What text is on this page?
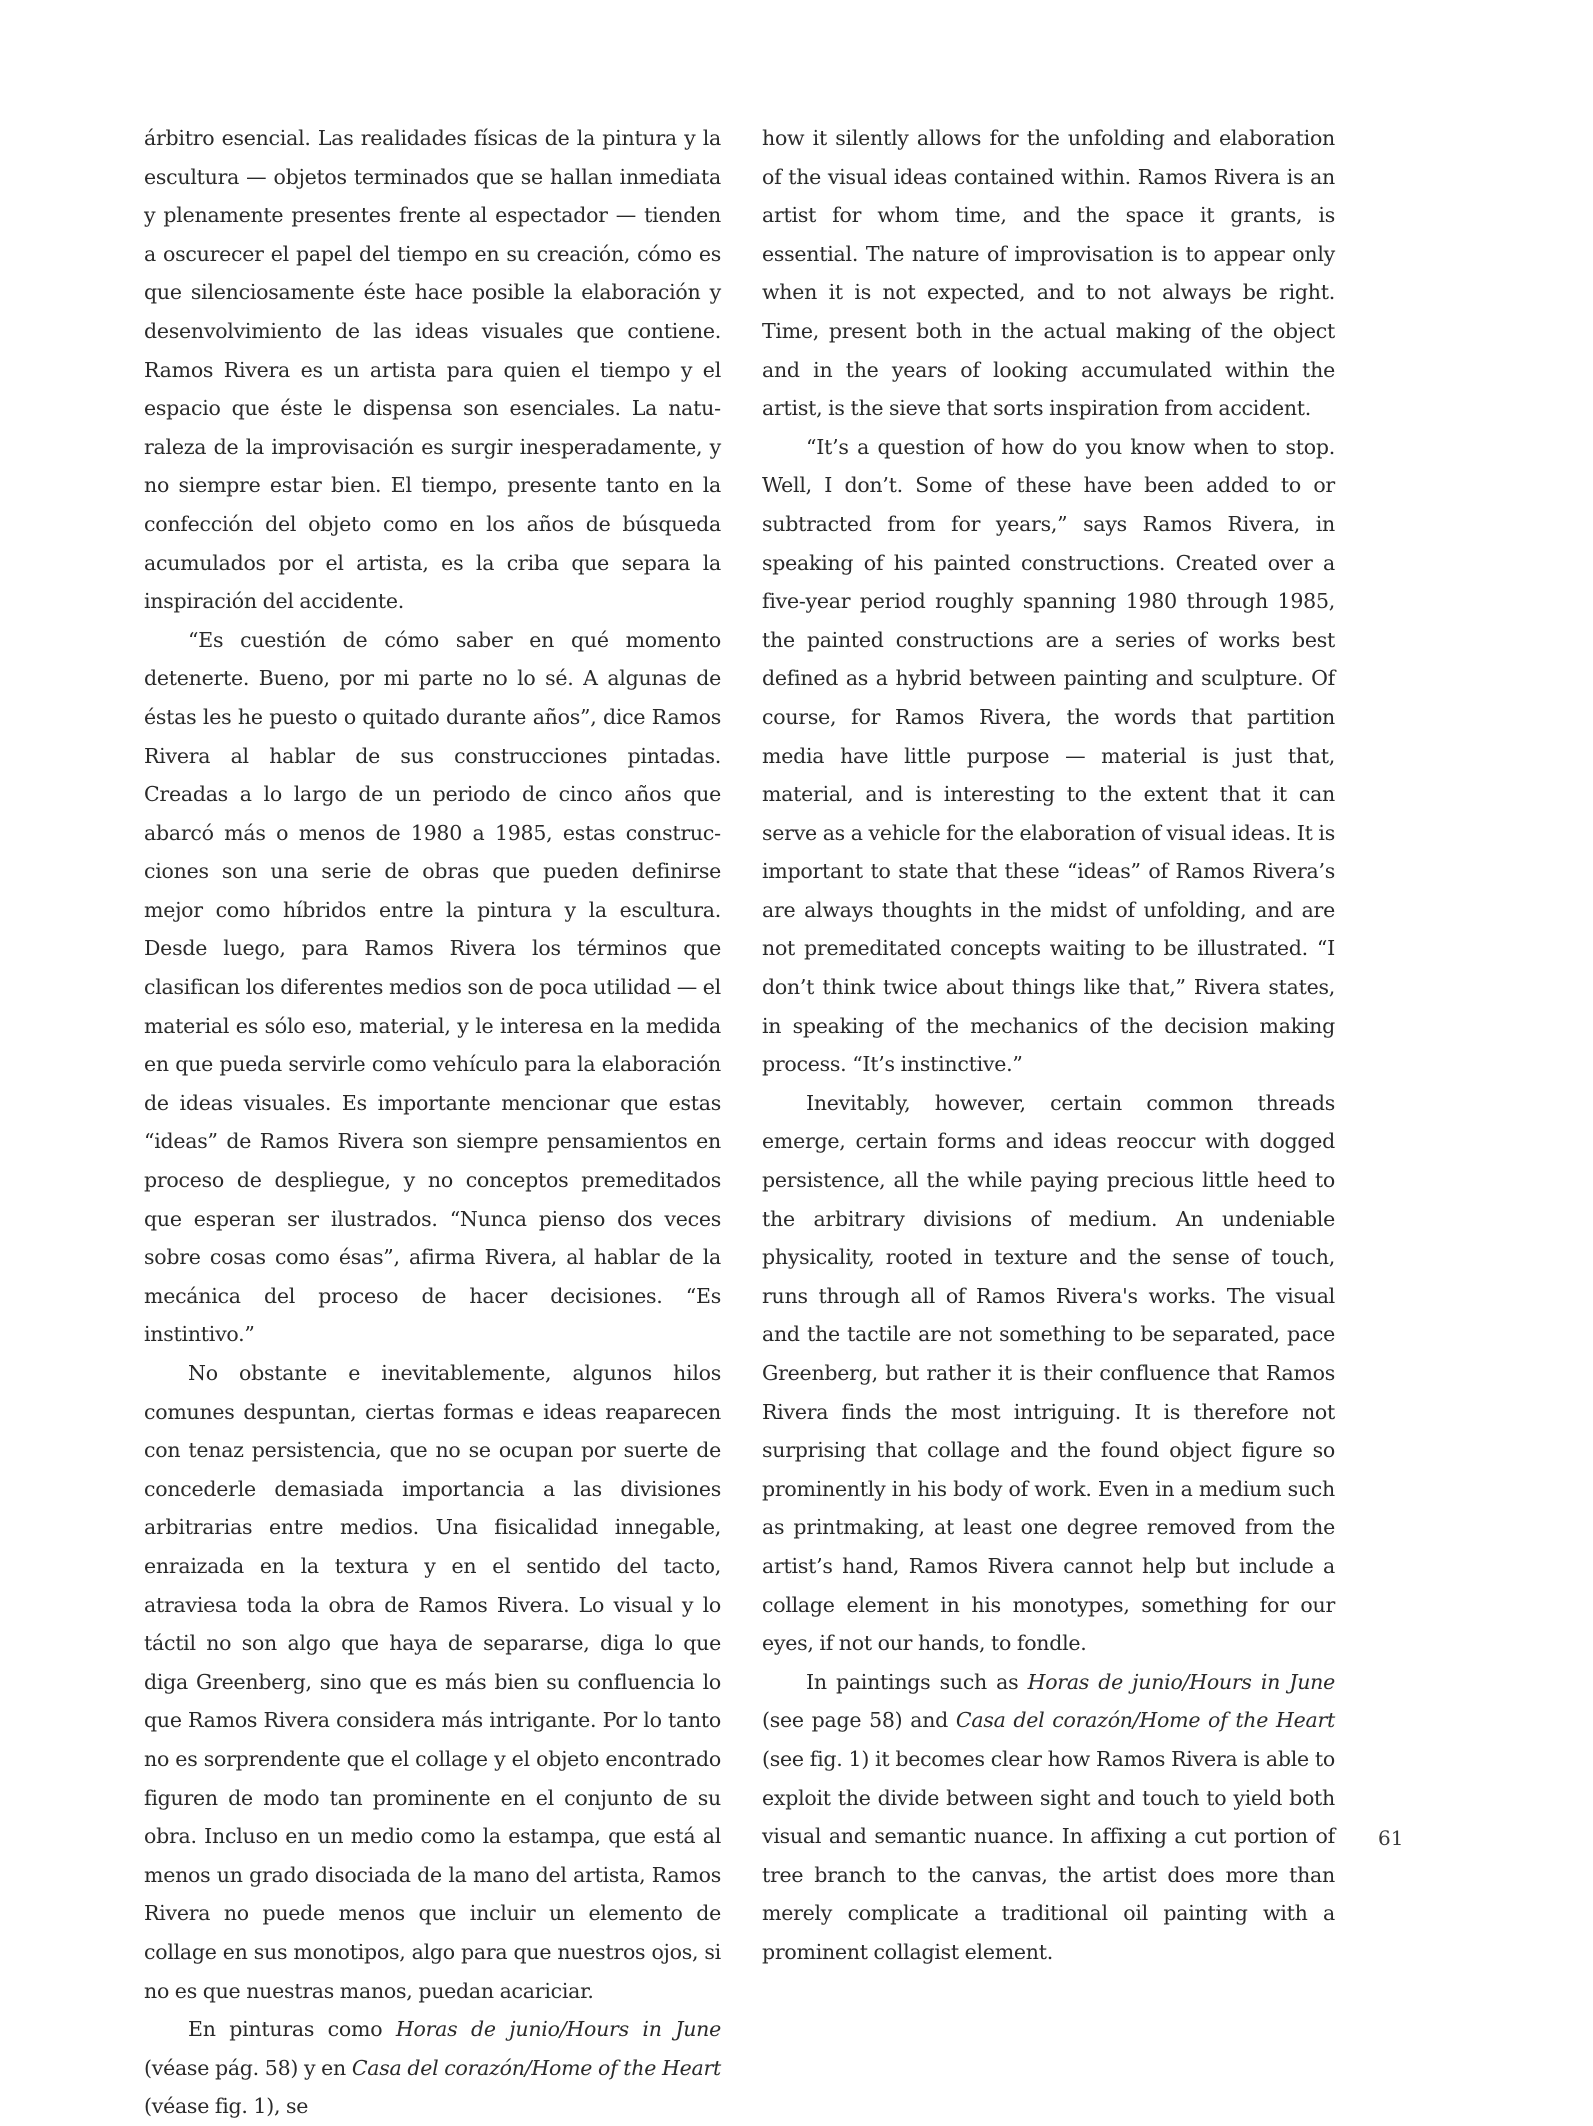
árbitro esencial. Las realidades físicas de la pintura y la escultura — objetos terminados que se hallan inmediata y plenamente presentes frente al espectador — tienden a oscurecer el papel del tiempo en su creación, cómo es que silenciosamente éste hace posible la elaboración y desenvolvimiento de las ideas visuales que contiene. Ramos Rivera es un artista para quien el tiempo y el espacio que éste le dispensa son esenciales. La naturaleza de la improvisación es surgir inesperadamente, y no siempre estar bien. El tiempo, presente tanto en la confección del objeto como en los años de búsqueda acumulados por el artista, es la criba que separa la inspiración del accidente.

“Es cuestión de cómo saber en qué momento detenerte. Bueno, por mi parte no lo sé. A algunas de éstas les he puesto o quitado durante años”, dice Ramos Rivera al hablar de sus construcciones pintadas. Creadas a lo largo de un periodo de cinco años que abarcó más o menos de 1980 a 1985, estas construcciones son una serie de obras que pueden definirse mejor como híbridos entre la pintura y la escultura. Desde luego, para Ramos Rivera los términos que clasifican los diferentes medios son de poca utilidad — el material es sólo eso, material, y le interesa en la medida en que pueda servirle como vehículo para la elaboración de ideas visuales. Es importante mencionar que estas “ideas” de Ramos Rivera son siempre pensamientos en proceso de despliegue, y no conceptos premeditados que esperan ser ilustrados. “Nunca pienso dos veces sobre cosas como ésas”, afirma Rivera, al hablar de la mecánica del proceso de hacer decisiones. “Es instintivo.”

No obstante e inevitablemente, algunos hilos comunes despuntan, ciertas formas e ideas reaparecen con tenaz persistencia, que no se ocupan por suerte de concederle demasiada importancia a las divisiones arbitrarias entre medios. Una fisicalidad innegable, enraizada en la textura y en el sentido del tacto, atraviesa toda la obra de Ramos Rivera. Lo visual y lo táctil no son algo que haya de separarse, diga lo que diga Greenberg, sino que es más bien su confluencia lo que Ramos Rivera considera más intrigante. Por lo tanto no es sorprendente que el collage y el objeto encontrado figuren de modo tan prominente en el conjunto de su obra. Incluso en un medio como la estampa, que está al menos un grado disociada de la mano del artista, Ramos Rivera no puede menos que incluir un elemento de collage en sus monotipos, algo para que nuestros ojos, si no es que nuestras manos, puedan acariciar.

En pinturas como Horas de junio/Hours in June (véase pág. 58) y en Casa del corazón/Home of the Heart (véase fig. 1), se

how it silently allows for the unfolding and elaboration of the visual ideas contained within. Ramos Rivera is an artist for whom time, and the space it grants, is essential. The nature of improvisation is to appear only when it is not expected, and to not always be right. Time, present both in the actual making of the object and in the years of looking accumulated within the artist, is the sieve that sorts inspiration from accident.

“It’s a question of how do you know when to stop. Well, I don’t. Some of these have been added to or subtracted from for years,” says Ramos Rivera, in speaking of his painted constructions. Created over a five-year period roughly spanning 1980 through 1985, the painted constructions are a series of works best defined as a hybrid between painting and sculpture. Of course, for Ramos Rivera, the words that partition media have little purpose — material is just that, material, and is interesting to the extent that it can serve as a vehicle for the elaboration of visual ideas. It is important to state that these “ideas” of Ramos Rivera’s are always thoughts in the midst of unfolding, and are not premeditated concepts waiting to be illustrated. “I don’t think twice about things like that,” Rivera states, in speaking of the mechanics of the decision making process. “It’s instinctive.”

Inevitably, however, certain common threads emerge, certain forms and ideas reoccur with dogged persistence, all the while paying precious little heed to the arbitrary divisions of medium. An undeniable physicality, rooted in texture and the sense of touch, runs through all of Ramos Rivera's works. The visual and the tactile are not something to be separated, pace Greenberg, but rather it is their confluence that Ramos Rivera finds the most intriguing. It is therefore not surprising that collage and the found object figure so prominently in his body of work. Even in a medium such as printmaking, at least one degree removed from the artist’s hand, Ramos Rivera cannot help but include a collage element in his monotypes, something for our eyes, if not our hands, to fondle.

In paintings such as Horas de junio/Hours in June (see page 58) and Casa del corazón/Home of the Heart (see fig. 1) it becomes clear how Ramos Rivera is able to exploit the divide between sight and touch to yield both visual and semantic nuance. In affixing a cut portion of tree branch to the canvas, the artist does more than merely complicate a traditional oil painting with a prominent collagist element.

61
